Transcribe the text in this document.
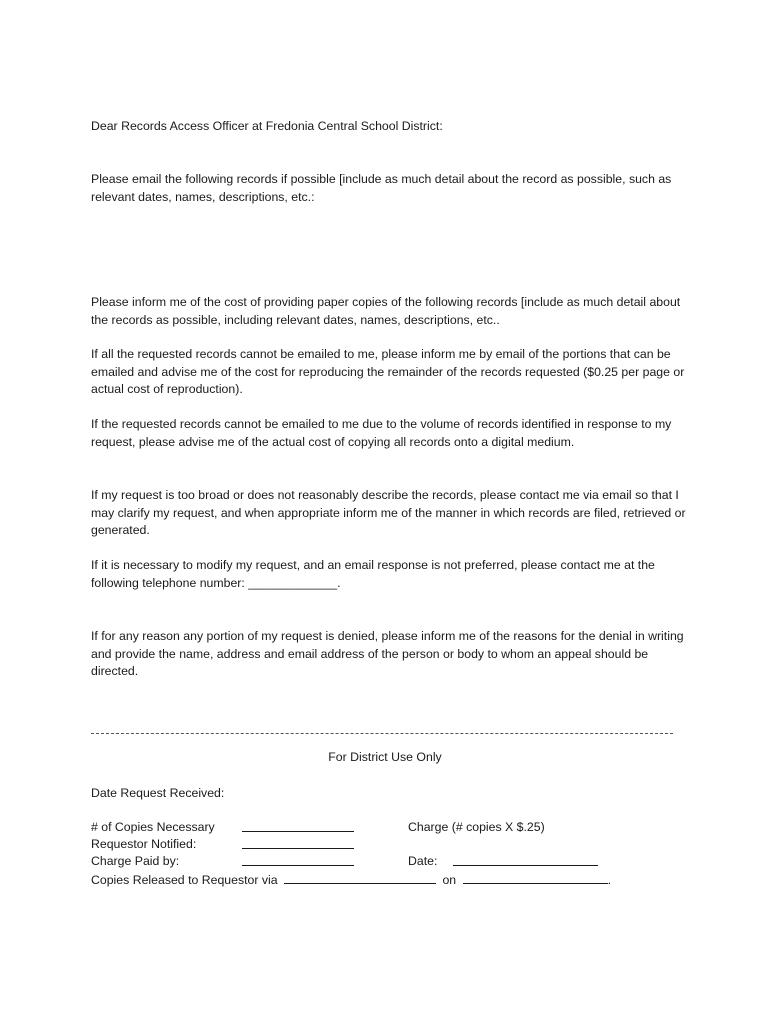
Dear Records Access Officer at Fredonia Central School District:

Please email the following records if possible [include as much detail about the record as possible, such as relevant dates, names, descriptions, etc.:

Please inform me of the cost of providing paper copies of the following records [include as much detail about the records as possible, including relevant dates, names, descriptions, etc..

If all the requested records cannot be emailed to me, please inform me by email of the portions that can be emailed and advise me of the cost for reproducing the remainder of the records requested ($0.25 per page or actual cost of reproduction).

If the requested records cannot be emailed to me due to the volume of records identified in response to my request, please advise me of the actual cost of copying all records onto a digital medium.

If my request is too broad or does not reasonably describe the records, please contact me via email so that I may clarify my request, and when appropriate inform me of the manner in which records are filed, retrieved or generated.

If it is necessary to modify my request, and an email response is not preferred, please contact me at the following telephone number: _____________.

If for any reason any portion of my request is denied, please inform me of the reasons for the denial in writing and provide the name, address and email address of the person or body to whom an appeal should be directed.

For District Use Only
Date Request Received:
# of Copies Necessary	Charge (# copies X $.25)
Requestor Notified:
Charge Paid by:	Date:
Copies Released to Requestor via	on	.
